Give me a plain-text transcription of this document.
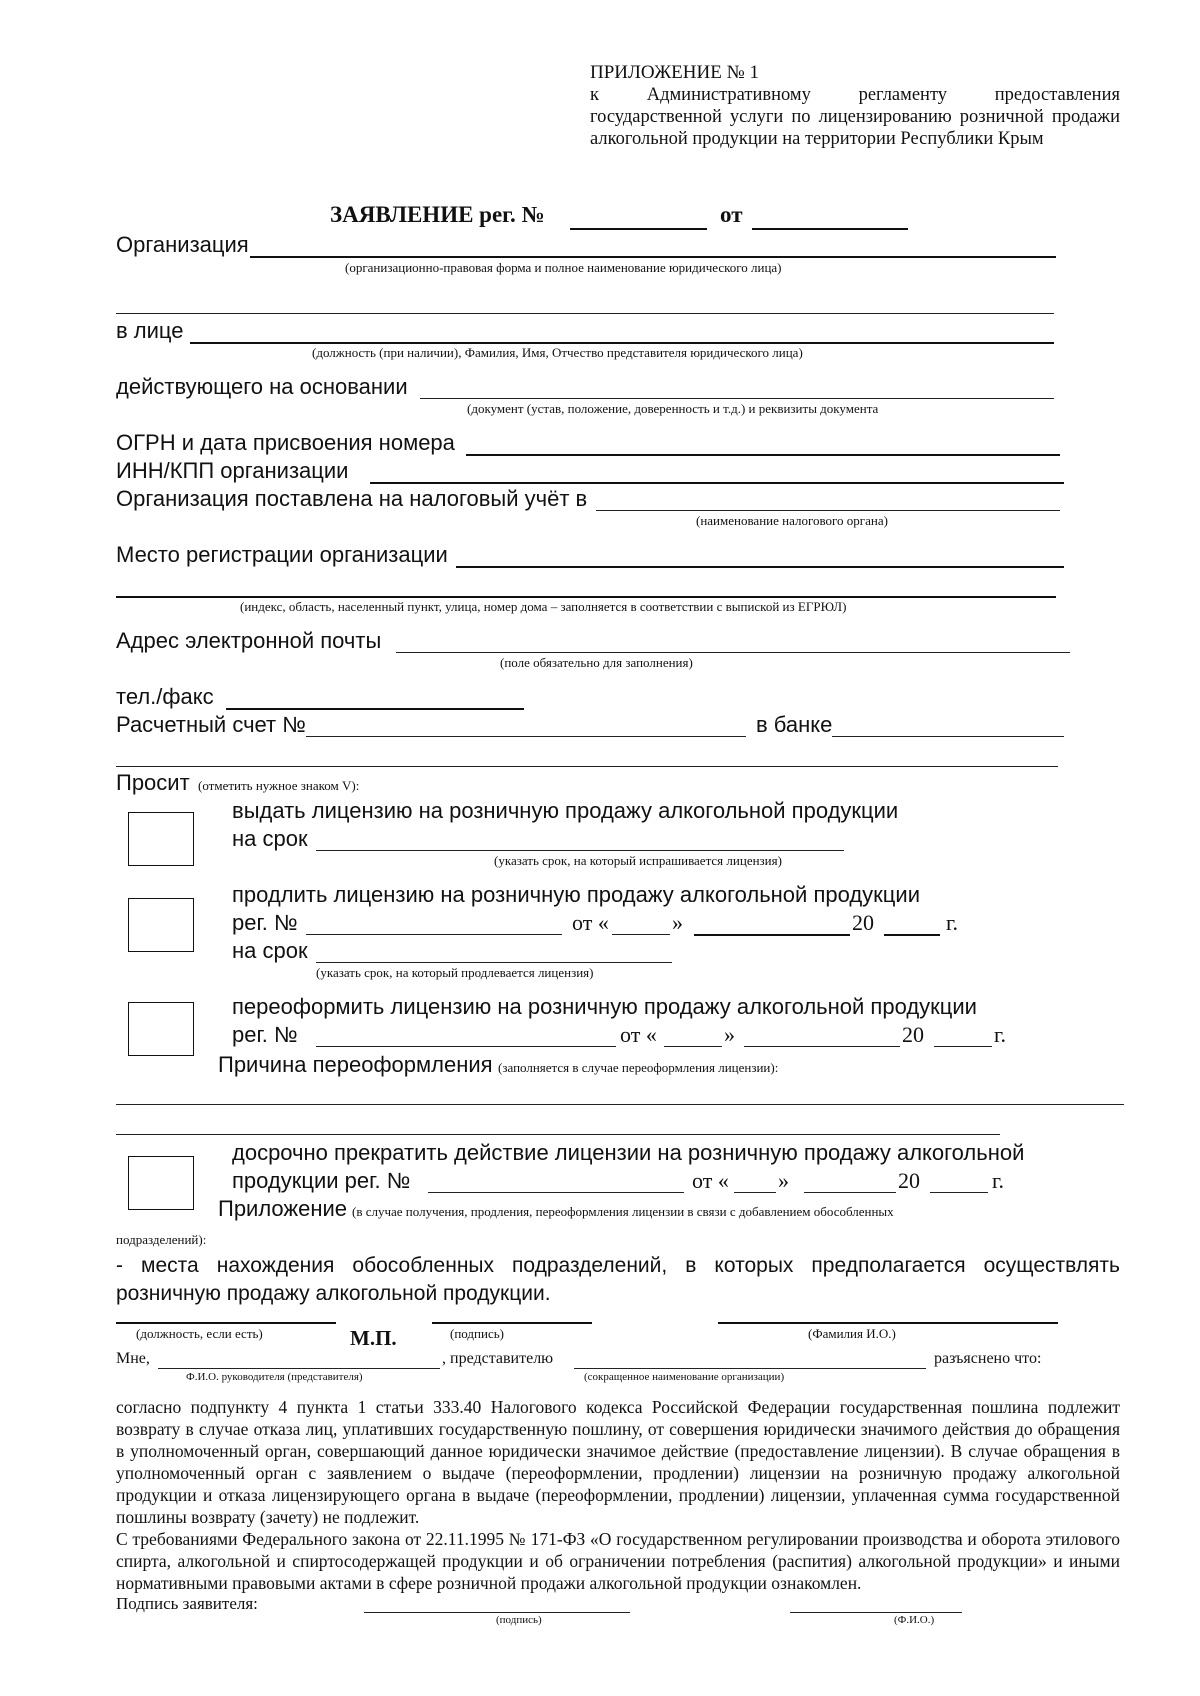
ПРИЛОЖЕНИЕ № 1
к Административному регламенту предоставления государственной услуги по лицензированию розничной продажи алкогольной продукции на территории Республики Крым
ЗАЯВЛЕНИЕ рег. №	от
Организация
(организационно-правовая форма и полное наименование юридического лица)
в лице
(должность (при наличии), Фамилия, Имя, Отчество представителя юридического лица)
действующего на основании
(документ (устав, положение, доверенность и т.д.) и реквизиты документа
ОГРН и дата присвоения номера
ИНН/КПП организации
Организация поставлена на налоговый учёт в
(наименование налогового органа)
Место регистрации организации
(индекс, область, населенный пункт, улица, номер дома – заполняется в соответствии с выпиской из ЕГРЮЛ)
Адрес электронной почты
(поле обязательно для заполнения)
тел./факс
Расчетный счет №	в банке
Просит (отметить нужное знаком V):
выдать лицензию на розничную продажу алкогольной продукции
на срок
(указать срок, на который испрашивается лицензия)
продлить лицензию на розничную продажу алкогольной продукции
рег. №	от «	»	20	г.
на срок
(указать срок, на который продлевается лицензия)
переоформить лицензию на розничную продажу алкогольной продукции
рег. №	от «	»	20	г.
Причина переоформления (заполняется в случае переоформления лицензии):
досрочно прекратить действие лицензии на розничную продажу алкогольной
продукции рег. №	от « »	20	г.
Приложение (в случае получения, продления, переоформления лицензии в связи с добавлением обособленных
подразделений):
- места нахождения обособленных подразделений, в которых предполагается осуществлять розничную продажу алкогольной продукции.
(должность, если есть)	М.П.	(подпись)	(Фамилия И.О.)
Мне,
Ф.И.О. руководителя (представителя)
, представителю
(сокращенное наименование организации)
разъяснено что:
согласно подпункту 4 пункта 1 статьи 333.40 Налогового кодекса Российской Федерации государственная пошлина подлежит возврату в случае отказа лиц, уплативших государственную пошлину, от совершения юридически значимого действия до обращения в уполномоченный орган, совершающий данное юридически значимое действие (предоставление лицензии). В случае обращения в уполномоченный орган с заявлением о выдаче (переоформлении, продлении) лицензии на розничную продажу алкогольной продукции и отказа лицензирующего органа в выдаче (переоформлении, продлении) лицензии, уплаченная сумма государственной пошлины возврату (зачету) не подлежит.
С требованиями Федерального закона от 22.11.1995 № 171-ФЗ «О государственном регулировании производства и оборота этилового спирта, алкогольной и спиртосодержащей продукции и об ограничении потребления (распития) алкогольной продукции» и иными нормативными правовыми актами в сфере розничной продажи алкогольной продукции ознакомлен.
Подпись заявителя:
(подпись)	(Ф.И.О.)
